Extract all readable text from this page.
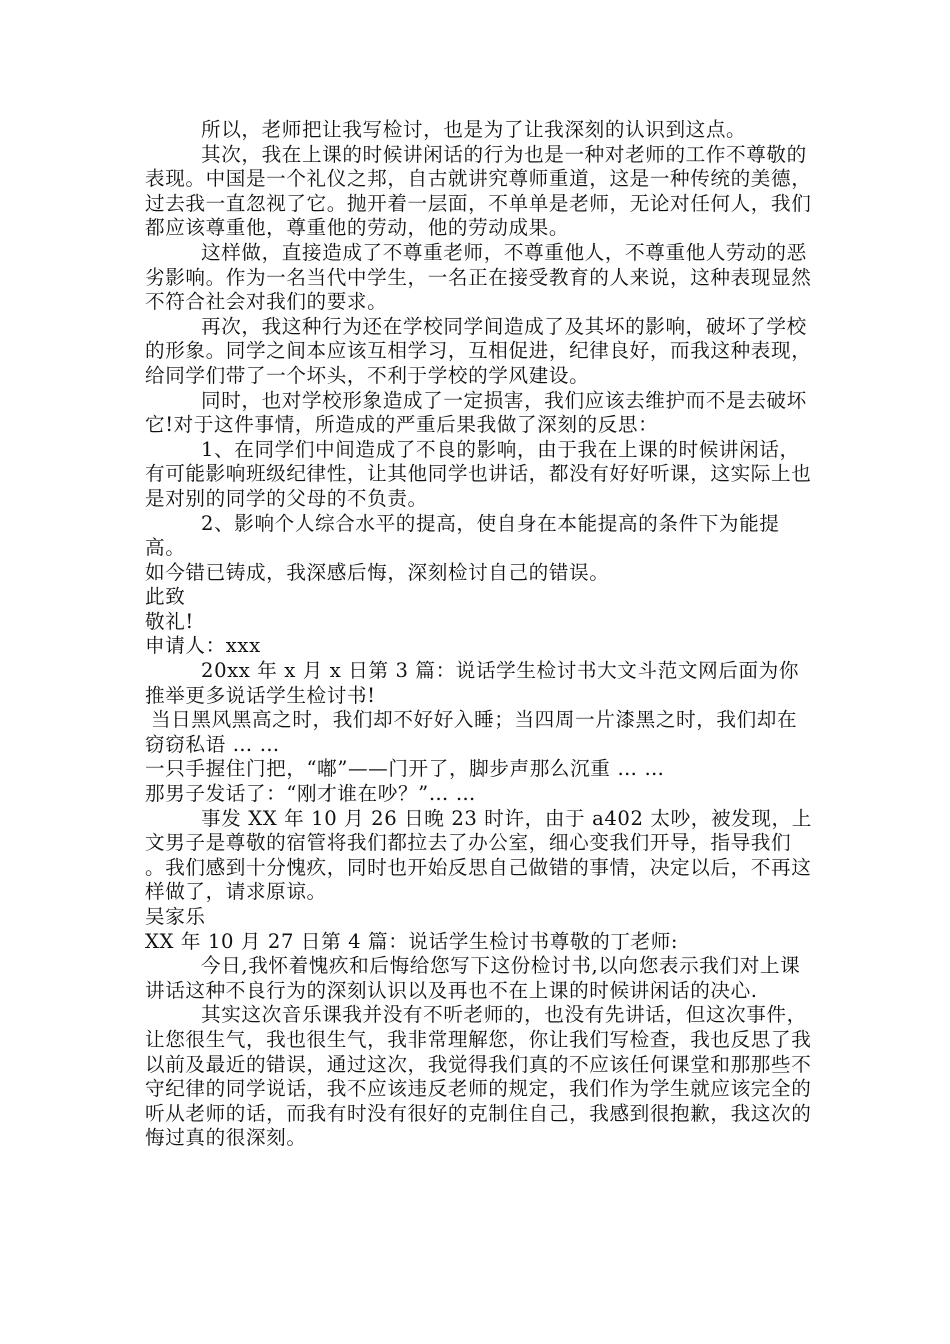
所以，老师把让我写检讨，也是为了让我深刻的认识到这点。

其次，我在上课的时候讲闲话的行为也是一种对老师的工作不尊敬的表现。中国是一个礼仪之邦，自古就讲究尊师重道，这是一种传统的美德，过去我一直忽视了它。抛开着一层面，不单单是老师，无论对任何人，我们都应该尊重他，尊重他的劳动，他的劳动成果。

这样做，直接造成了不尊重老师，不尊重他人，不尊重他人劳动的恶劣影响。作为一名当代中学生，一名正在接受教育的人来说，这种表现显然不符合社会对我们的要求。

再次，我这种行为还在学校同学间造成了及其坏的影响，破坏了学校的形象。同学之间本应该互相学习，互相促进，纪律良好，而我这种表现，给同学们带了一个坏头，不利于学校的学风建设。

同时，也对学校形象造成了一定损害，我们应该去维护而不是去破坏它!对于这件事情，所造成的严重后果我做了深刻的反思：

1、在同学们中间造成了不良的影响，由于我在上课的时候讲闲话，有可能影响班级纪律性，让其他同学也讲话，都没有好好听课，这实际上也是对别的同学的父母的不负责。

2、影响个人综合水平的提高，使自身在本能提高的条件下为能提高。

如今错已铸成，我深感后悔，深刻检讨自己的错误。

此致

敬礼!

申请人：xxx

20xx 年 x 月 x 日第 3 篇：说话学生检讨书大文斗范文网后面为你推举更多说话学生检讨书!

当日黑风黑高之时，我们却不好好入睡；当四周一片漆黑之时，我们却在窃窃私语 … …

一只手握住门把，“嘟”——门开了，脚步声那么沉重 … …

那男子发话了：“刚才谁在吵？”… …

事发 XX 年 10 月 26 日晚 23 时许，由于 a402 太吵，被发现，上文男子是尊敬的宿管将我们都拉去了办公室，细心变我们开导，指导我们 。我们感到十分愧疚，同时也开始反思自己做错的事情，决定以后，不再这样做了，请求原谅。

吴家乐

XX 年 10 月 27 日第 4 篇：说话学生检讨书尊敬的丁老师:

今日,我怀着愧疚和后悔给您写下这份检讨书,以向您表示我们对上课讲话这种不良行为的深刻认识以及再也不在上课的时候讲闲话的决心.

其实这次音乐课我并没有不听老师的，也没有先讲话，但这次事件，让您很生气，我也很生气，我非常理解您，你让我们写检查，我也反思了我以前及最近的错误，通过这次，我觉得我们真的不应该任何课堂和那那些不守纪律的同学说话，我不应该违反老师的规定，我们作为学生就应该完全的听从老师的话，而我有时没有很好的克制住自己，我感到很抱歉，我这次的悔过真的很深刻。
